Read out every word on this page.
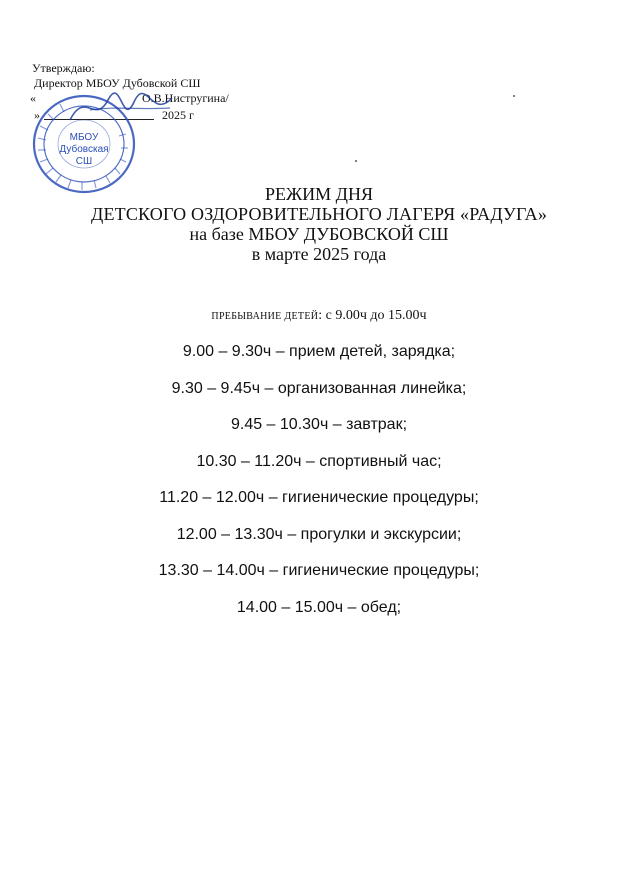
Утверждаю:
Директор МБОУ Дубовской СШ
«	О.В.Нистругина/
»	2025 г
МБОУ
Дубовская
СШ
РЕЖИМ ДНЯ
ДЕТСКОГО ОЗДОРОВИТЕЛЬНОГО ЛАГЕРЯ «РАДУГА»
на базе МБОУ ДУБОВСКОЙ СШ
в марте 2025 года
ПРЕБЫВАНИЕ ДЕТЕЙ: с 9.00ч до 15.00ч
9.00 – 9.30ч – прием детей, зарядка;
9.30 – 9.45ч – организованная линейка;
9.45 – 10.30ч – завтрак;
10.30 – 11.20ч – спортивный час;
11.20 – 12.00ч – гигиенические процедуры;
12.00 – 13.30ч – прогулки и экскурсии;
13.30 – 14.00ч – гигиенические процедуры;
14.00 – 15.00ч – обед;
